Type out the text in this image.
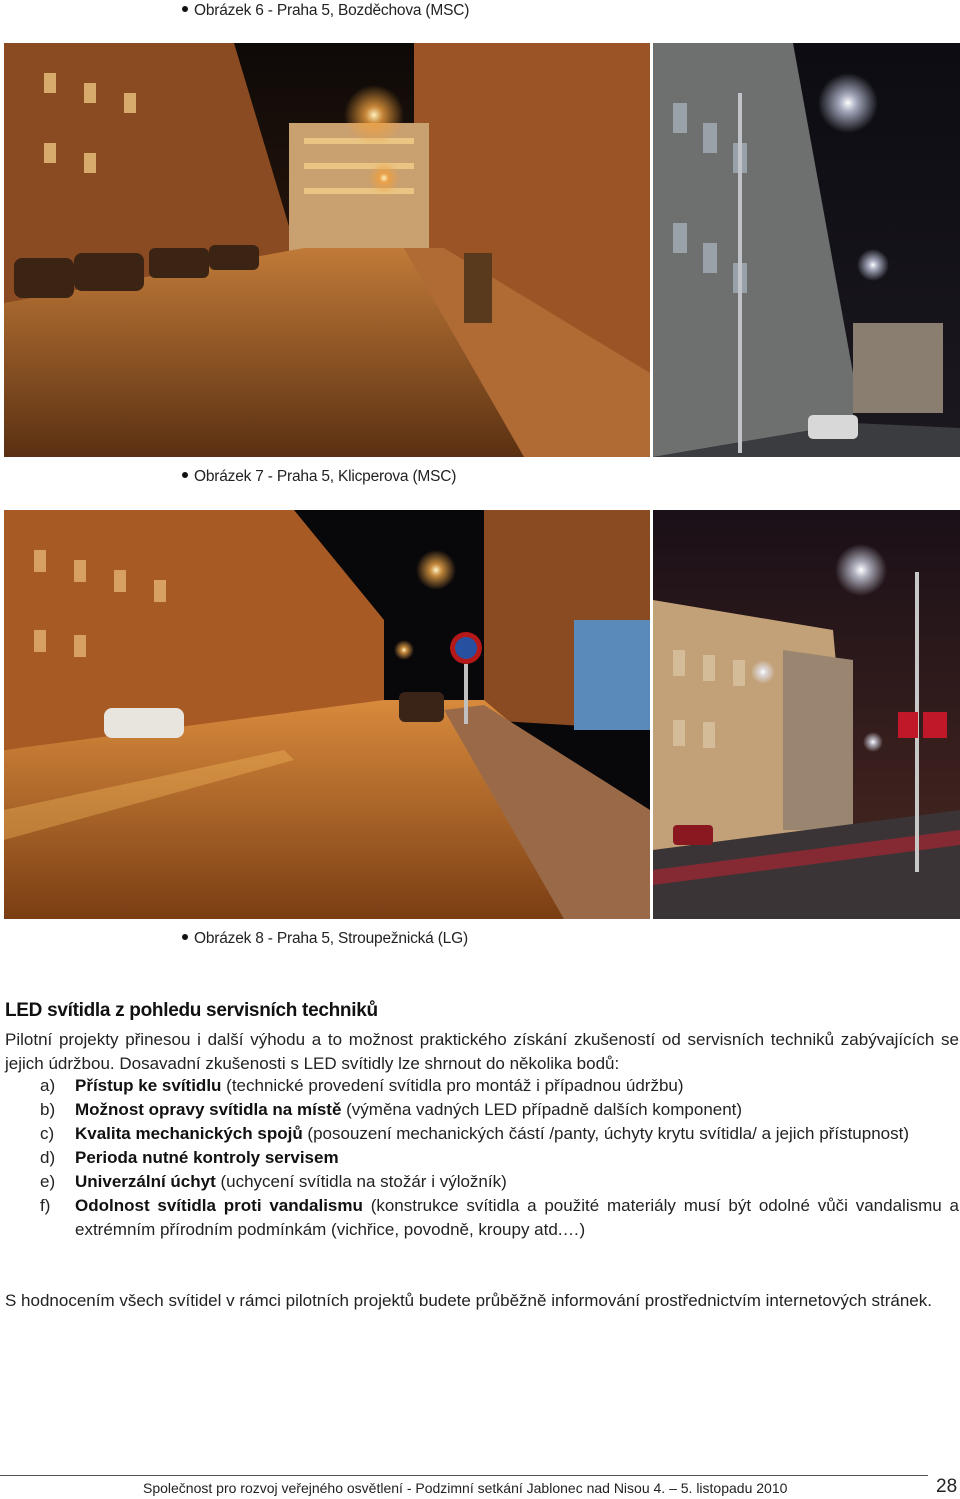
Obrázek 6 - Praha 5, Bozděchova (MSC)
Obrázek 7 - Praha 5, Klicperova (MSC)
Obrázek 8 - Praha 5, Stroupežnická (LG)
LED svítidla z pohledu servisních techniků
Pilotní projekty přinesou i další výhodu a to možnost praktického získání zkušeností od servisních techniků zabývajících se jejich údržbou. Dosavadní zkušenosti s LED svítidly lze shrnout do několika bodů:
a)	Přístup ke svítidlu (technické provedení svítidla pro montáž i případnou údržbu)
b)	Možnost opravy svítidla na místě (výměna vadných LED případně dalších komponent)
c)	Kvalita mechanických spojů (posouzení mechanických částí /panty, úchyty krytu svítidla/ a jejich přístupnost)
d)	Perioda nutné kontroly servisem
e)	Univerzální úchyt (uchycení svítidla na stožár i výložník)
f)	Odolnost svítidla proti vandalismu (konstrukce svítidla a použité materiály musí být odolné vůči vandalismu a extrémním přírodním podmínkám (vichřice, povodně, kroupy atd.…)
S hodnocením všech svítidel v rámci pilotních projektů budete průběžně informování prostřednictvím internetových stránek.
Společnost pro rozvoj veřejného osvětlení - Podzimní setkání Jablonec nad Nisou 4. – 5. listopadu 2010	28
